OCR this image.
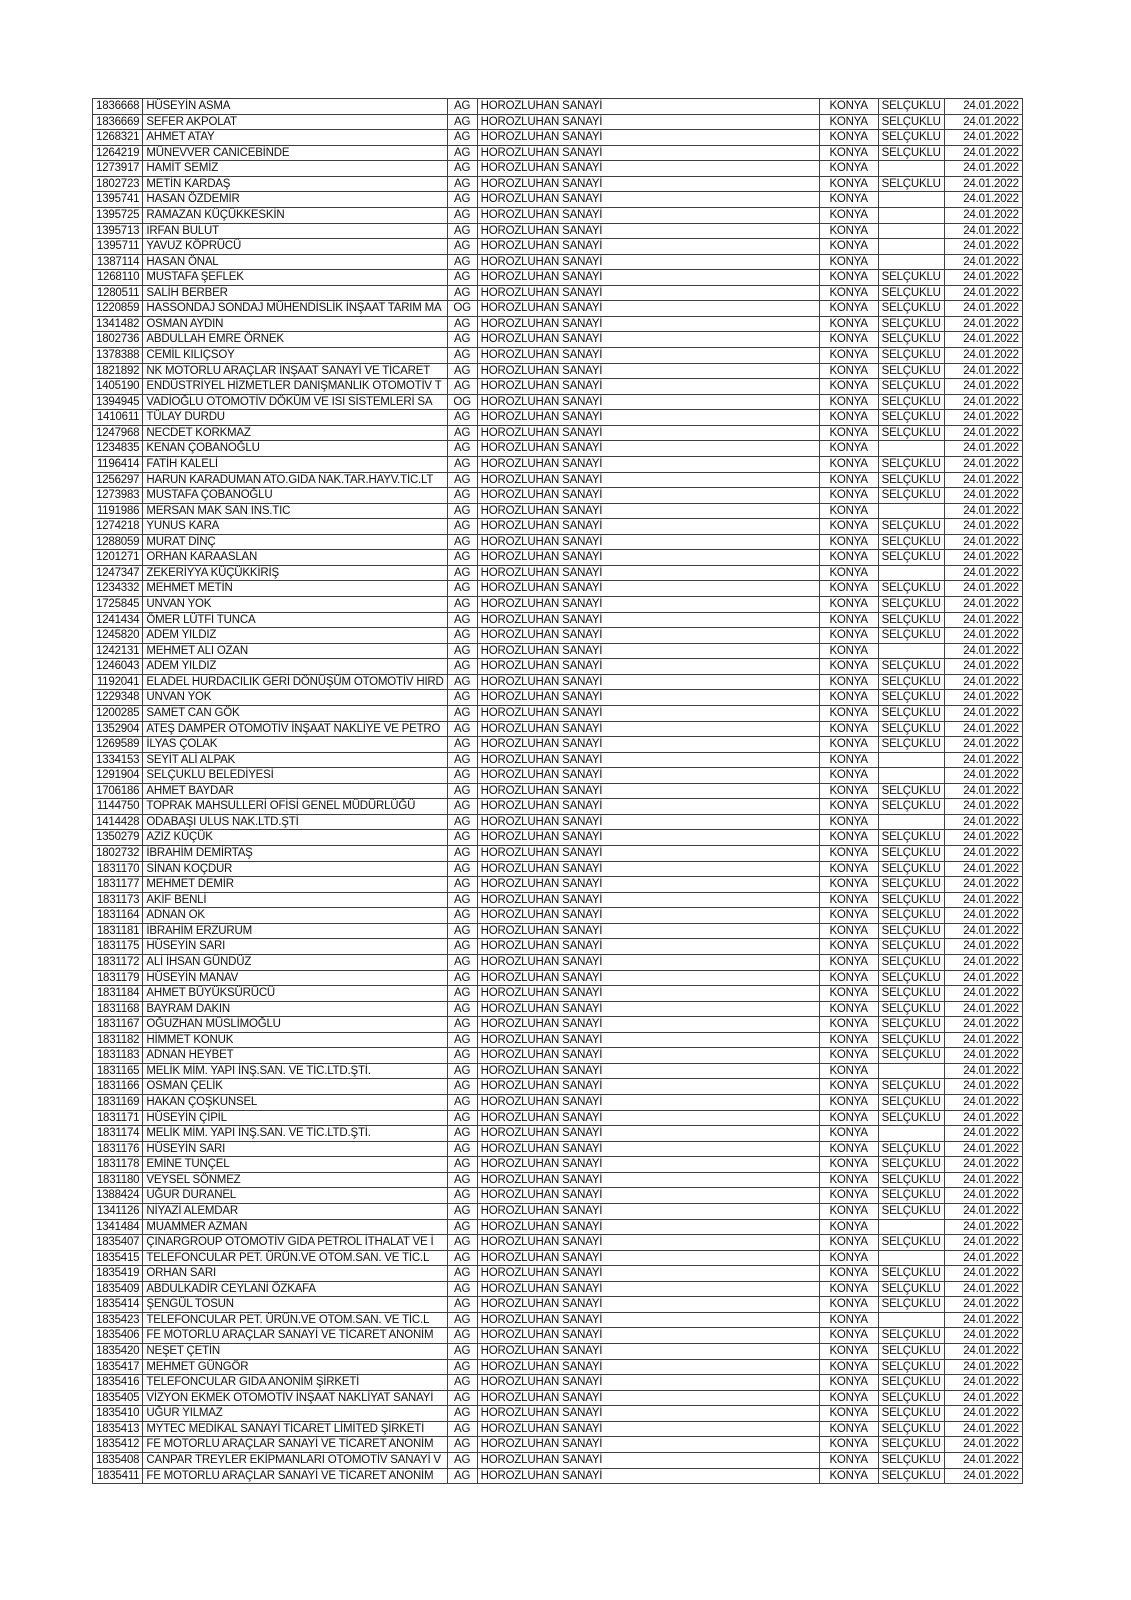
1836668	HÜSEYİN ASMA	AG	HOROZLUHAN SANAYİ	KONYA	SELÇUKLU	24.01.2022
1836669	SEFER AKPOLAT	AG	HOROZLUHAN SANAYİ	KONYA	SELÇUKLU	24.01.2022
1268321	AHMET ATAY	AG	HOROZLUHAN SANAYİ	KONYA	SELÇUKLU	24.01.2022
1264219	MÜNEVVER CANICEBİNDE	AG	HOROZLUHAN SANAYİ	KONYA	SELÇUKLU	24.01.2022
1273917	HAMİT SEMİZ	AG	HOROZLUHAN SANAYİ	KONYA		24.01.2022
1802723	METİN KARDAŞ	AG	HOROZLUHAN SANAYİ	KONYA	SELÇUKLU	24.01.2022
1395741	HASAN ÖZDEMİR	AG	HOROZLUHAN SANAYİ	KONYA		24.01.2022
1395725	RAMAZAN KÜÇÜKKESKİN	AG	HOROZLUHAN SANAYİ	KONYA		24.01.2022
1395713	IRFAN BULUT	AG	HOROZLUHAN SANAYİ	KONYA		24.01.2022
1395711	YAVUZ KÖPRÜCÜ	AG	HOROZLUHAN SANAYİ	KONYA		24.01.2022
1387114	HASAN ÖNAL	AG	HOROZLUHAN SANAYİ	KONYA		24.01.2022
1268110	MUSTAFA ŞEFLEK	AG	HOROZLUHAN SANAYİ	KONYA	SELÇUKLU	24.01.2022
1280511	SALİH BERBER	AG	HOROZLUHAN SANAYİ	KONYA	SELÇUKLU	24.01.2022
1220859	HASSONDAJ SONDAJ MÜHENDİSLİK İNŞAAT TARIM MA	OG	HOROZLUHAN SANAYİ	KONYA	SELÇUKLU	24.01.2022
1341482	OSMAN AYDIN	AG	HOROZLUHAN SANAYİ	KONYA	SELÇUKLU	24.01.2022
1802736	ABDULLAH EMRE ÖRNEK	AG	HOROZLUHAN SANAYİ	KONYA	SELÇUKLU	24.01.2022
1378388	CEMİL KILIÇSOY	AG	HOROZLUHAN SANAYİ	KONYA	SELÇUKLU	24.01.2022
1821892	NK MOTORLU ARAÇLAR İNŞAAT SANAYİ VE TİCARET	AG	HOROZLUHAN SANAYİ	KONYA	SELÇUKLU	24.01.2022
1405190	ENDÜSTRİYEL HİZMETLER DANIŞMANLIK OTOMOTİV T	AG	HOROZLUHAN SANAYİ	KONYA	SELÇUKLU	24.01.2022
1394945	VADİOĞLU OTOMOTİV DÖKÜM VE ISI SİSTEMLERİ SA	OG	HOROZLUHAN SANAYİ	KONYA	SELÇUKLU	24.01.2022
1410611	TÜLAY DURDU	AG	HOROZLUHAN SANAYİ	KONYA	SELÇUKLU	24.01.2022
1247968	NECDET KORKMAZ	AG	HOROZLUHAN SANAYİ	KONYA	SELÇUKLU	24.01.2022
1234835	KENAN ÇOBANOĞLU	AG	HOROZLUHAN SANAYİ	KONYA		24.01.2022
1196414	FATİH KALELİ	AG	HOROZLUHAN SANAYİ	KONYA	SELÇUKLU	24.01.2022
1256297	HARUN KARADUMAN ATO.GIDA NAK.TAR.HAYV.TİC.LT	AG	HOROZLUHAN SANAYİ	KONYA	SELÇUKLU	24.01.2022
1273983	MUSTAFA ÇOBANOĞLU	AG	HOROZLUHAN SANAYİ	KONYA	SELÇUKLU	24.01.2022
1191986	MERSAN MAK SAN INS.TIC	AG	HOROZLUHAN SANAYİ	KONYA		24.01.2022
1274218	YUNUS KARA	AG	HOROZLUHAN SANAYİ	KONYA	SELÇUKLU	24.01.2022
1288059	MURAT DİNÇ	AG	HOROZLUHAN SANAYİ	KONYA	SELÇUKLU	24.01.2022
1201271	ORHAN KARAASLAN	AG	HOROZLUHAN SANAYİ	KONYA	SELÇUKLU	24.01.2022
1247347	ZEKERİYYA KÜÇÜKKİRİŞ	AG	HOROZLUHAN SANAYİ	KONYA		24.01.2022
1234332	MEHMET METİN	AG	HOROZLUHAN SANAYİ	KONYA	SELÇUKLU	24.01.2022
1725845	UNVAN YOK	AG	HOROZLUHAN SANAYİ	KONYA	SELÇUKLU	24.01.2022
1241434	ÖMER LÜTFİ TUNCA	AG	HOROZLUHAN SANAYİ	KONYA	SELÇUKLU	24.01.2022
1245820	ADEM YILDIZ	AG	HOROZLUHAN SANAYİ	KONYA	SELÇUKLU	24.01.2022
1242131	MEHMET ALI OZAN	AG	HOROZLUHAN SANAYİ	KONYA		24.01.2022
1246043	ADEM YILDIZ	AG	HOROZLUHAN SANAYİ	KONYA	SELÇUKLU	24.01.2022
1192041	ELADEL HURDACILIK GERİ DÖNÜŞÜM OTOMOTİV HIRD	AG	HOROZLUHAN SANAYİ	KONYA	SELÇUKLU	24.01.2022
1229348	UNVAN YOK	AG	HOROZLUHAN SANAYİ	KONYA	SELÇUKLU	24.01.2022
1200285	SAMET CAN GÖK	AG	HOROZLUHAN SANAYİ	KONYA	SELÇUKLU	24.01.2022
1352904	ATEŞ DAMPER OTOMOTİV İNŞAAT NAKLİYE VE PETRO	AG	HOROZLUHAN SANAYİ	KONYA	SELÇUKLU	24.01.2022
1269589	İLYAS ÇOLAK	AG	HOROZLUHAN SANAYİ	KONYA	SELÇUKLU	24.01.2022
1334153	SEYİT ALİ ALPAK	AG	HOROZLUHAN SANAYİ	KONYA		24.01.2022
1291904	SELÇUKLU BELEDİYESİ	AG	HOROZLUHAN SANAYİ	KONYA		24.01.2022
1706186	AHMET BAYDAR	AG	HOROZLUHAN SANAYİ	KONYA	SELÇUKLU	24.01.2022
1144750	TOPRAK MAHSULLERİ OFİSİ GENEL MÜDÜRLÜĞÜ	AG	HOROZLUHAN SANAYİ	KONYA	SELÇUKLU	24.01.2022
1414428	ODABAŞI ULUS NAK.LTD.ŞTİ	AG	HOROZLUHAN SANAYİ	KONYA		24.01.2022
1350279	AZİZ KÜÇÜK	AG	HOROZLUHAN SANAYİ	KONYA	SELÇUKLU	24.01.2022
1802732	İBRAHİM DEMİRTAŞ	AG	HOROZLUHAN SANAYİ	KONYA	SELÇUKLU	24.01.2022
1831170	SİNAN KOÇDUR	AG	HOROZLUHAN SANAYİ	KONYA	SELÇUKLU	24.01.2022
1831177	MEHMET DEMİR	AG	HOROZLUHAN SANAYİ	KONYA	SELÇUKLU	24.01.2022
1831173	AKİF BENLİ	AG	HOROZLUHAN SANAYİ	KONYA	SELÇUKLU	24.01.2022
1831164	ADNAN OK	AG	HOROZLUHAN SANAYİ	KONYA	SELÇUKLU	24.01.2022
1831181	İBRAHİM ERZURUM	AG	HOROZLUHAN SANAYİ	KONYA	SELÇUKLU	24.01.2022
1831175	HÜSEYİN SARI	AG	HOROZLUHAN SANAYİ	KONYA	SELÇUKLU	24.01.2022
1831172	ALİ İHSAN GÜNDÜZ	AG	HOROZLUHAN SANAYİ	KONYA	SELÇUKLU	24.01.2022
1831179	HÜSEYİN MANAV	AG	HOROZLUHAN SANAYİ	KONYA	SELÇUKLU	24.01.2022
1831184	AHMET BÜYÜKSÜRÜCÜ	AG	HOROZLUHAN SANAYİ	KONYA	SELÇUKLU	24.01.2022
1831168	BAYRAM DAKIN	AG	HOROZLUHAN SANAYİ	KONYA	SELÇUKLU	24.01.2022
1831167	OĞUZHAN MÜSLİMOĞLU	AG	HOROZLUHAN SANAYİ	KONYA	SELÇUKLU	24.01.2022
1831182	HİMMET KONUK	AG	HOROZLUHAN SANAYİ	KONYA	SELÇUKLU	24.01.2022
1831183	ADNAN HEYBET	AG	HOROZLUHAN SANAYİ	KONYA	SELÇUKLU	24.01.2022
1831165	MELİK MİM. YAPI İNŞ.SAN. VE TİC.LTD.ŞTİ.	AG	HOROZLUHAN SANAYİ	KONYA		24.01.2022
1831166	OSMAN ÇELİK	AG	HOROZLUHAN SANAYİ	KONYA	SELÇUKLU	24.01.2022
1831169	HAKAN ÇOŞKUNSEL	AG	HOROZLUHAN SANAYİ	KONYA	SELÇUKLU	24.01.2022
1831171	HÜSEYİN ÇİPİL	AG	HOROZLUHAN SANAYİ	KONYA	SELÇUKLU	24.01.2022
1831174	MELİK MİM. YAPI İNŞ.SAN. VE TİC.LTD.ŞTİ.	AG	HOROZLUHAN SANAYİ	KONYA		24.01.2022
1831176	HÜSEYİN SARI	AG	HOROZLUHAN SANAYİ	KONYA	SELÇUKLU	24.01.2022
1831178	EMİNE TUNÇEL	AG	HOROZLUHAN SANAYİ	KONYA	SELÇUKLU	24.01.2022
1831180	VEYSEL SÖNMEZ	AG	HOROZLUHAN SANAYİ	KONYA	SELÇUKLU	24.01.2022
1388424	UĞUR DURANEL	AG	HOROZLUHAN SANAYİ	KONYA	SELÇUKLU	24.01.2022
1341126	NİYAZİ ALEMDAR	AG	HOROZLUHAN SANAYİ	KONYA	SELÇUKLU	24.01.2022
1341484	MUAMMER AZMAN	AG	HOROZLUHAN SANAYİ	KONYA		24.01.2022
1835407	ÇINARGROUP OTOMOTİV GIDA PETROL İTHALAT VE İ	AG	HOROZLUHAN SANAYİ	KONYA	SELÇUKLU	24.01.2022
1835415	TELEFONCULAR PET. ÜRÜN.VE OTOM.SAN. VE TİC.L	AG	HOROZLUHAN SANAYİ	KONYA		24.01.2022
1835419	ORHAN SARI	AG	HOROZLUHAN SANAYİ	KONYA	SELÇUKLU	24.01.2022
1835409	ABDULKADİR CEYLANİ ÖZKAFA	AG	HOROZLUHAN SANAYİ	KONYA	SELÇUKLU	24.01.2022
1835414	ŞENGÜL TOSUN	AG	HOROZLUHAN SANAYİ	KONYA	SELÇUKLU	24.01.2022
1835423	TELEFONCULAR PET. ÜRÜN.VE OTOM.SAN. VE TİC.L	AG	HOROZLUHAN SANAYİ	KONYA		24.01.2022
1835406	FE MOTORLU ARAÇLAR SANAYİ VE TİCARET ANONİM	AG	HOROZLUHAN SANAYİ	KONYA	SELÇUKLU	24.01.2022
1835420	NEŞET ÇETİN	AG	HOROZLUHAN SANAYİ	KONYA	SELÇUKLU	24.01.2022
1835417	MEHMET GÜNGÖR	AG	HOROZLUHAN SANAYİ	KONYA	SELÇUKLU	24.01.2022
1835416	TELEFONCULAR GIDA ANONİM ŞİRKETİ	AG	HOROZLUHAN SANAYİ	KONYA	SELÇUKLU	24.01.2022
1835405	VİZYON EKMEK OTOMOTİV İNŞAAT NAKLİYAT SANAYİ	AG	HOROZLUHAN SANAYİ	KONYA	SELÇUKLU	24.01.2022
1835410	UĞUR YILMAZ	AG	HOROZLUHAN SANAYİ	KONYA	SELÇUKLU	24.01.2022
1835413	MYTEC MEDİKAL SANAYİ TİCARET LİMİTED ŞİRKETİ	AG	HOROZLUHAN SANAYİ	KONYA	SELÇUKLU	24.01.2022
1835412	FE MOTORLU ARAÇLAR SANAYİ VE TİCARET ANONİM	AG	HOROZLUHAN SANAYİ	KONYA	SELÇUKLU	24.01.2022
1835408	CANPAR TREYLER EKİPMANLARI OTOMOTİV SANAYİ V	AG	HOROZLUHAN SANAYİ	KONYA	SELÇUKLU	24.01.2022
1835411	FE MOTORLU ARAÇLAR SANAYİ VE TİCARET ANONİM	AG	HOROZLUHAN SANAYİ	KONYA	SELÇUKLU	24.01.2022
